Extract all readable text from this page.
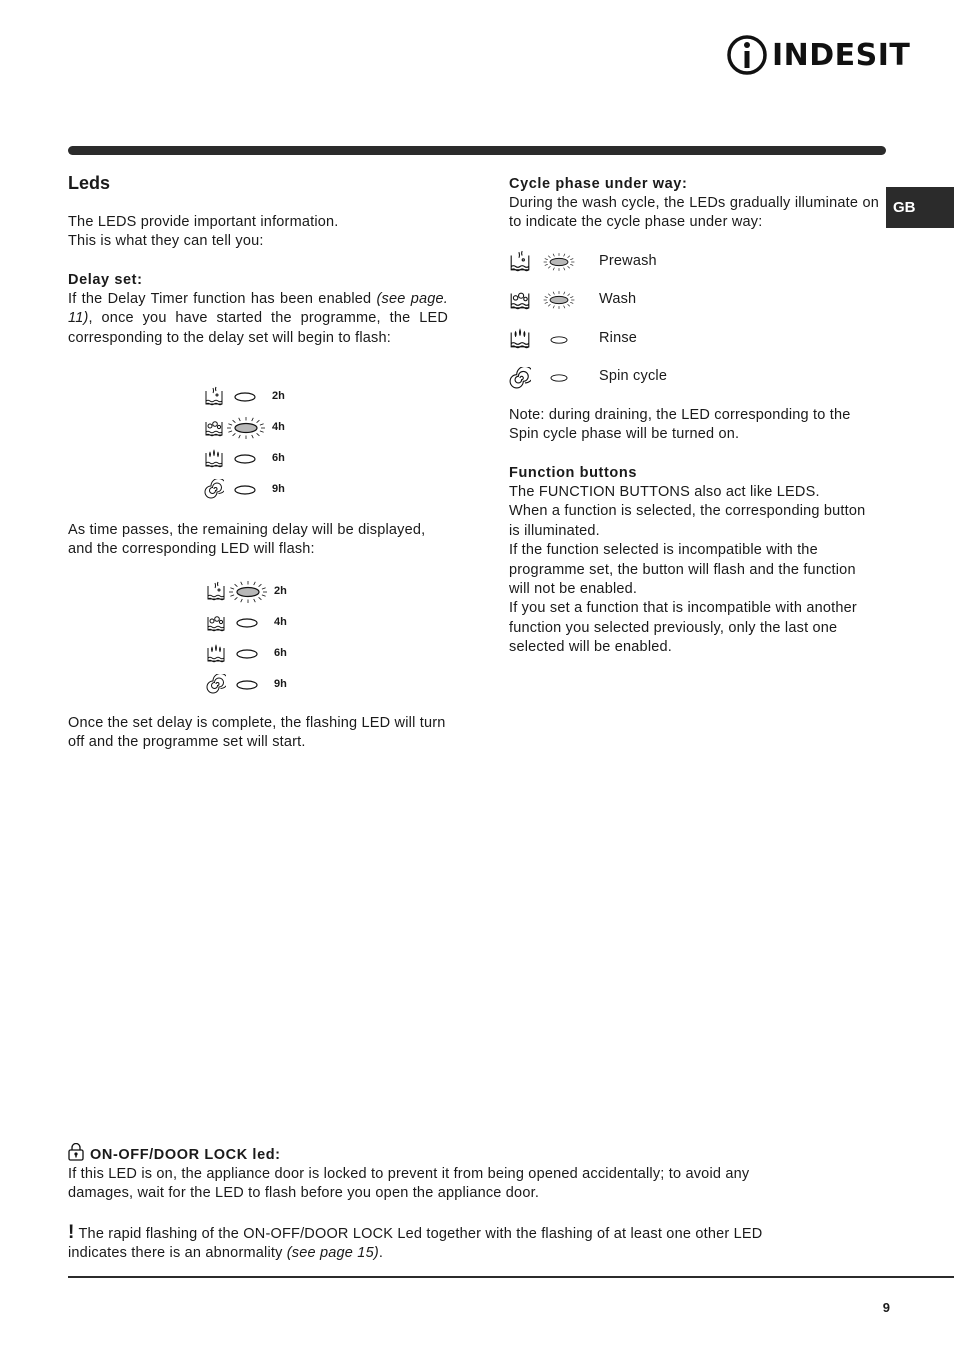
INDESIT
GB
Leds
The LEDS provide important information.
This is what they can tell you:
Delay set:
If the Delay Timer function has been enabled (see page. 11), once you have started the programme, the LED corresponding to the delay set will begin to flash:
2h
4h
6h
9h
As time passes, the remaining delay will be displayed, and the corresponding LED will flash:
2h
4h
6h
9h
Once the set delay is complete, the flashing LED will turn off and the programme set will start.
Cycle phase under way:
During the wash cycle, the LEDs gradually illuminate on to indicate the cycle phase under way:
Prewash
Wash
Rinse
Spin cycle
Note: during draining, the LED corresponding to the Spin cycle phase will be turned on.
Function buttons
The FUNCTION BUTTONS also act like LEDS.
When a function is selected, the corresponding button is illuminated.
If the function selected is incompatible with the programme set, the button will flash and the function will not be enabled.
If you set a function that is incompatible with another function you selected previously, only the last one selected will be enabled.
ON-OFF/DOOR LOCK led:
If this LED is on, the appliance door is locked to prevent it from being opened accidentally; to avoid any damages, wait for the LED to flash before you open the appliance door.
! The rapid flashing of the ON-OFF/DOOR LOCK Led together with the flashing of at least one other LED indicates there is an abnormality (see page 15).
9
